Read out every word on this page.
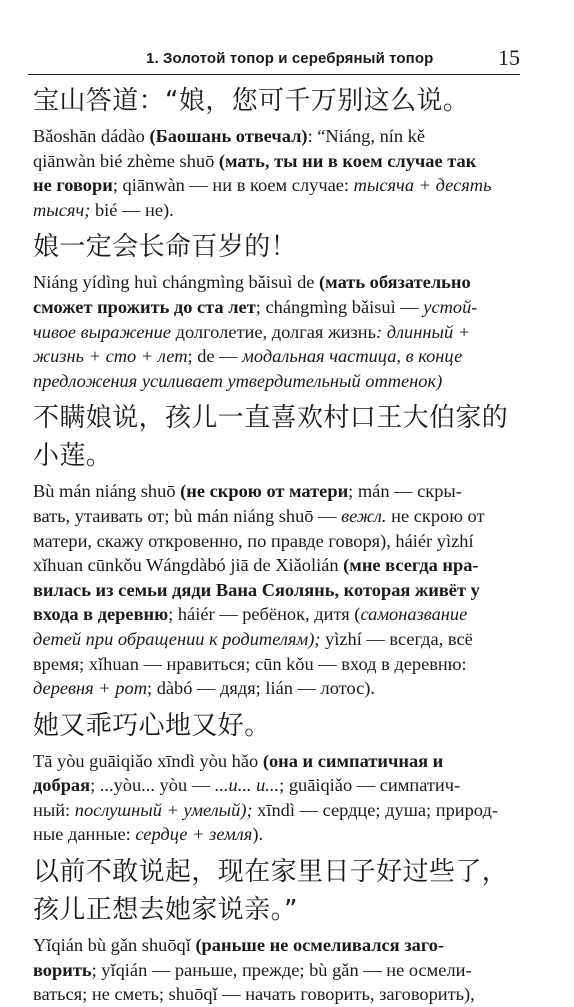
1. Золотой топор и серебряный топор	15
宝山答道：“娘，您可千万别这么说。
Bǎoshān dádào (Баошань отвечал): “Niáng, nín kě
qiānwàn bié zhème shuō (мать, ты ни в коем случае так
не говори; qiānwàn — ни в коем случае: тысяча + десять
тысяч; bié — не).
娘一定会长命百岁的！
Niáng yídìng huì chángmìng bǎisuì de (мать обязательно
сможет прожить до ста лет; chángmìng bǎisuì — устой-
чивое выражение долголетие, долгая жизнь: длинный +
жизнь + сто + лет; de — модальная частица, в конце
предложения усиливает утвердительный оттенок)
不瞒娘说，孩儿一直喜欢村口王大伯家的
小莲。
Bù mán niáng shuō (не скрою от матери; mán — скры-
вать, утаивать от; bù mán niáng shuō — вежл. не скрою от
матери, скажу откровенно, по правде говоря), háiér yìzhí
xǐhuan cūnkǒu Wángdàbó jiā de Xiǎolián (мне всегда нра-
вилась из семьи дяди Вана Сяолянь, которая живёт у
входа в деревню; háiér — ребёнок, дитя (самоназвание
детей при обращении к родителям); yìzhí — всегда, всё
время; xǐhuan — нравиться; cūn kǒu — вход в деревню:
деревня + рот; dàbó — дядя; lián — лотос).
她又乖巧心地又好。
Tā yòu guāiqiǎo xīndì yòu hǎo (она и симпатичная и
добрая; ...yòu... yòu — ...и... и...; guāiqiǎo — симпатич-
ный: послушный + умелый); xīndì — сердце; душа; природ-
ные данные: сердце + земля).
以前不敢说起，现在家里日子好过些了，
孩儿正想去她家说亲。”
Yǐqián bù gǎn shuōqǐ (раньше не осмеливался заго-
ворить; yǐqián — раньше, прежде; bù gǎn — не осмели-
ваться; не сметь; shuōqǐ — начать говорить, заговорить),
